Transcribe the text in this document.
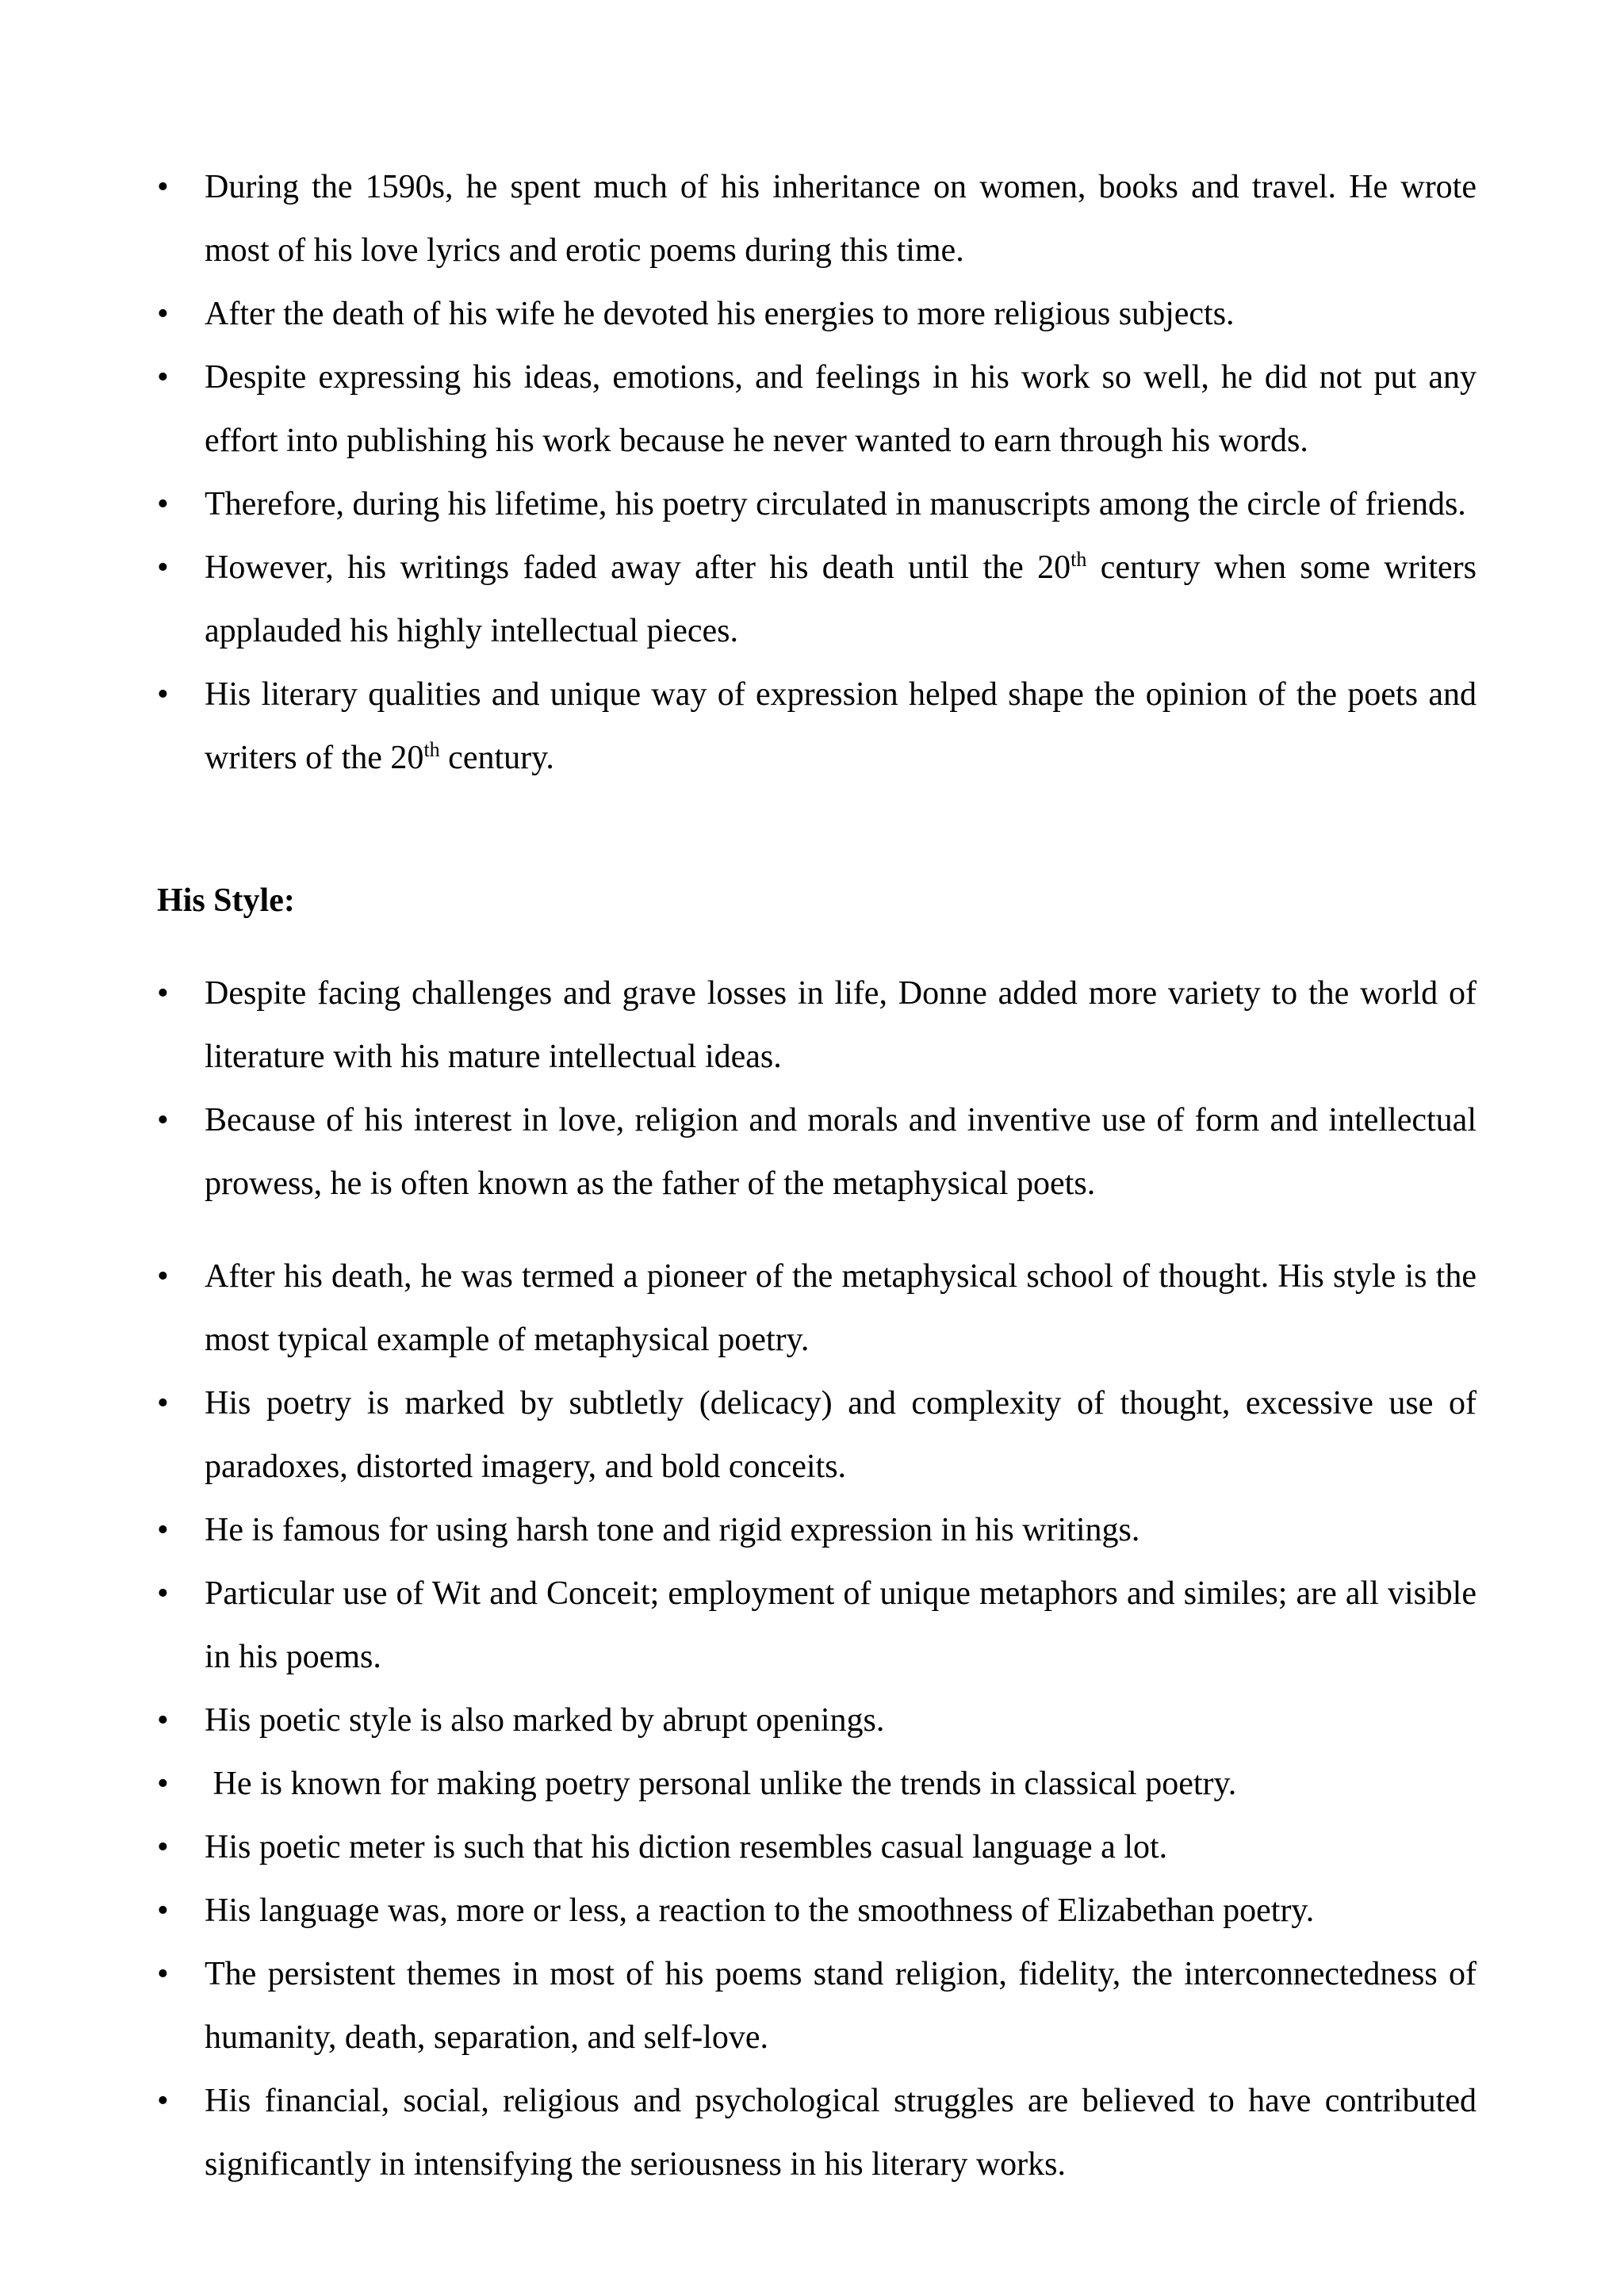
•	During the 1590s, he spent much of his inheritance on women, books and travel. He wrote most of his love lyrics and erotic poems during this time.
•	After the death of his wife he devoted his energies to more religious subjects.
•	Despite expressing his ideas, emotions, and feelings in his work so well, he did not put any effort into publishing his work because he never wanted to earn through his words.
•	Therefore, during his lifetime, his poetry circulated in manuscripts among the circle of friends.
•	However, his writings faded away after his death until the 20th century when some writers applauded his highly intellectual pieces.
•	His literary qualities and unique way of expression helped shape the opinion of the poets and writers of the 20th century.
His Style:
•	Despite facing challenges and grave losses in life, Donne added more variety to the world of literature with his mature intellectual ideas.
•	Because of his interest in love, religion and morals and inventive use of form and intellectual prowess, he is often known as the father of the metaphysical poets.
•	After his death, he was termed a pioneer of the metaphysical school of thought. His style is the most typical example of metaphysical poetry.
•	His poetry is marked by subtletly (delicacy) and complexity of thought, excessive use of paradoxes, distorted imagery, and bold conceits.
•	He is famous for using harsh tone and rigid expression in his writings.
•	Particular use of Wit and Conceit; employment of unique metaphors and similes; are all visible in his poems.
•	His poetic style is also marked by abrupt openings.
•	He is known for making poetry personal unlike the trends in classical poetry.
•	His poetic meter is such that his diction resembles casual language a lot.
•	His language was, more or less, a reaction to the smoothness of Elizabethan poetry.
•	The persistent themes in most of his poems stand religion, fidelity, the interconnectedness of humanity, death, separation, and self-love.
•	His financial, social, religious and psychological struggles are believed to have contributed significantly in intensifying the seriousness in his literary works.
